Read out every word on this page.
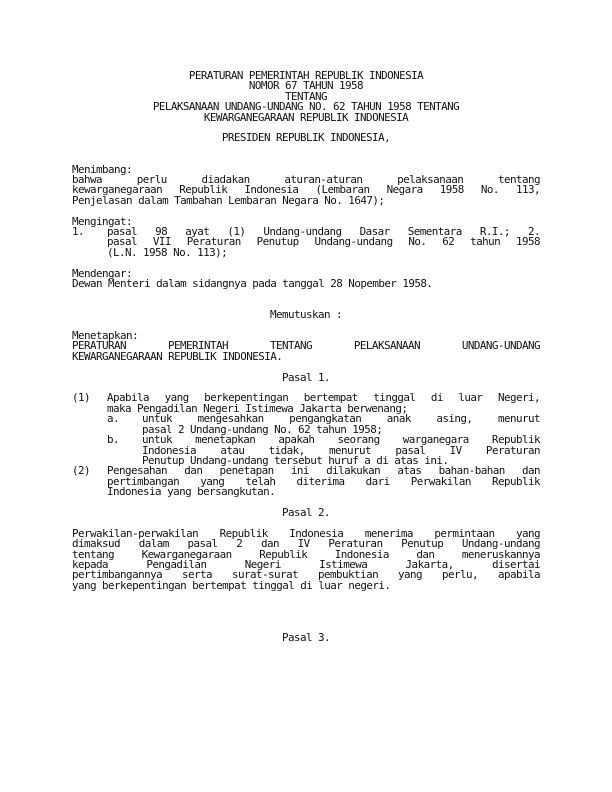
PERATURAN PEMERINTAH REPUBLIK INDONESIA
NOMOR 67 TAHUN 1958
TENTANG
PELAKSANAAN UNDANG-UNDANG NO. 62 TAHUN 1958 TENTANG
KEWARGANEGARAAN REPUBLIK INDONESIA
PRESIDEN REPUBLIK INDONESIA,
Menimbang:
bahwa perlu diadakan aturan-aturan pelaksanaan tentang
kewarganegaraan Republik Indonesia (Lembaran Negara 1958 No. 113,
Penjelasan dalam Tambahan Lembaran Negara No. 1647);
Mengingat:
1.	pasal 98 ayat (1) Undang-undang Dasar Sementara R.I.; 2.
pasal VII Peraturan Penutup Undang-undang No. 62 tahun 1958
(L.N. 1958 No. 113);
Mendengar:
Dewan Menteri dalam sidangnya pada tanggal 28 Nopember 1958.
Memutuskan :
Menetapkan:
PERATURAN PEMERINTAH TENTANG PELAKSANAAN UNDANG-UNDANG
KEWARGANEGARAAN REPUBLIK INDONESIA.
Pasal 1.
(1)	Apabila yang berkepentingan bertempat tinggal di luar Negeri,
maka Pengadilan Negeri Istimewa Jakarta berwenang;
a.	untuk mengesahkan pengangkatan anak asing, menurut
pasal 2 Undang-undang No. 62 tahun 1958;
b.	untuk menetapkan apakah seorang warganegara Republik
Indonesia atau tidak, menurut pasal IV Peraturan
Penutup Undang-undang tersebut huruf a di atas ini.
(2)	Pengesahan dan penetapan ini dilakukan atas bahan-bahan dan
pertimbangan yang telah diterima dari Perwakilan Republik
Indonesia yang bersangkutan.
Pasal 2.
Perwakilan-perwakilan Republik Indonesia menerima permintaan yang
dimaksud dalam pasal 2 dan IV Peraturan Penutup Undang-undang
tentang Kewarganegaraan Republik Indonesia dan meneruskannya
kepada Pengadilan Negeri Istimewa Jakarta, disertai
pertimbangannya serta surat-surat pembuktian yang perlu, apabila
yang berkepentingan bertempat tinggal di luar negeri.
Pasal 3.
